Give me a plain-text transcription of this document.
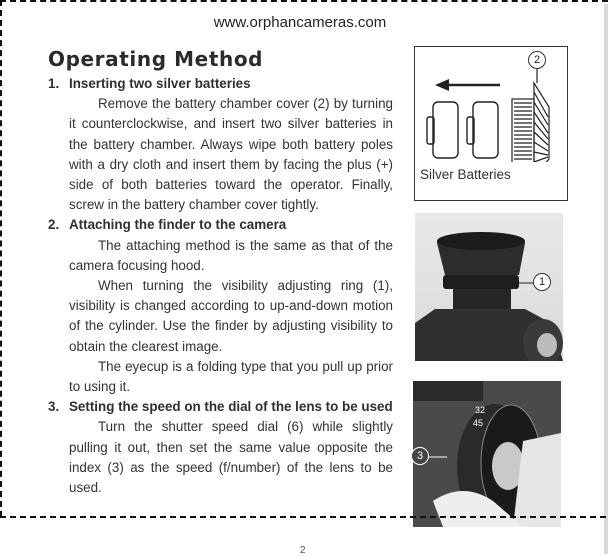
www.orphancameras.com
Operating Method
1. Inserting two silver batteries
Remove the battery chamber cover (2) by turning it counterclockwise, and insert two silver batteries in the battery chamber. Always wipe both battery poles with a dry cloth and insert them by facing the plus (+) side of both batteries toward the operator. Finally, screw in the battery chamber cover tightly.
2. Attaching the finder to the camera
The attaching method is the same as that of the camera focusing hood.
When turning the visibility adjusting ring (1), visibility is changed according to up-and-down motion of the cylinder. Use the finder by adjusting visibility to obtain the clearest image.
The eyecup is a folding type that you pull up prior to using it.
3. Setting the speed on the dial of the lens to be used
Turn the shutter speed dial (6) while slightly pulling it out, then set the same value opposite the index (3) as the speed (f/number) of the lens to be used.
2
Silver Batteries
1
32
45
3
2
